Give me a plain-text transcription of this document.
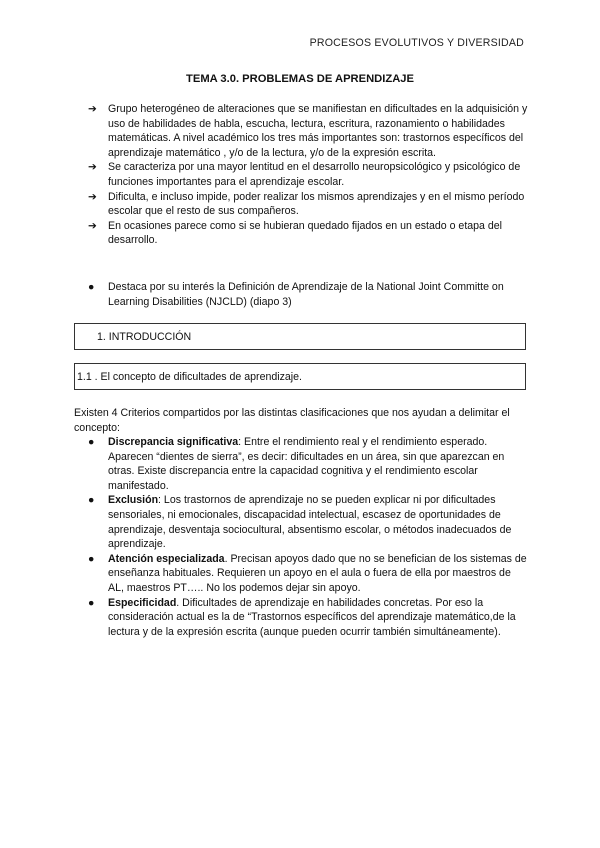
PROCESOS EVOLUTIVOS Y DIVERSIDAD
TEMA 3.0. PROBLEMAS DE APRENDIZAJE
➔ Grupo heterogéneo de alteraciones que se manifiestan en dificultades en la adquisición y uso de habilidades de habla, escucha, lectura, escritura, razonamiento o habilidades matemáticas. A nivel académico los tres más importantes son: trastornos específicos del aprendizaje matemático , y/o de la lectura, y/o de la expresión escrita.
➔ Se caracteriza por una mayor lentitud en el desarrollo neuropsicológico y psicológico de funciones importantes para el aprendizaje escolar.
➔ Dificulta, e incluso impide, poder realizar los mismos aprendizajes y en el mismo período escolar que el resto de sus compañeros.
➔ En ocasiones parece como si se hubieran quedado fijados en un estado o etapa del desarrollo.
● Destaca por su interés la Definición de Aprendizaje de la National Joint Committe on Learning Disabilities (NJCLD) (diapo 3)
1. INTRODUCCIÓN
1.1 . El concepto de dificultades de aprendizaje.
Existen 4 Criterios compartidos por las distintas clasificaciones que nos ayudan a delimitar el concepto:
● Discrepancia significativa: Entre el rendimiento real y el rendimiento esperado. Aparecen “dientes de sierra”, es decir: dificultades en un área, sin que aparezcan en otras. Existe discrepancia entre la capacidad cognitiva y el rendimiento escolar manifestado.
● Exclusión: Los trastornos de aprendizaje no se pueden explicar ni por dificultades sensoriales, ni emocionales, discapacidad intelectual, escasez de oportunidades de aprendizaje, desventaja sociocultural, absentismo escolar, o métodos inadecuados de aprendizaje.
● Atención especializada. Precisan apoyos dado que no se benefician de los sistemas de enseñanza habituales. Requieren un apoyo en el aula o fuera de ella por maestros de AL, maestros PT….. No los podemos dejar sin apoyo.
● Especificidad. Dificultades de aprendizaje en habilidades concretas. Por eso la consideración actual es la de “Trastornos específicos del aprendizaje matemático,de la lectura y de la expresión escrita (aunque pueden ocurrir también simultáneamente).
